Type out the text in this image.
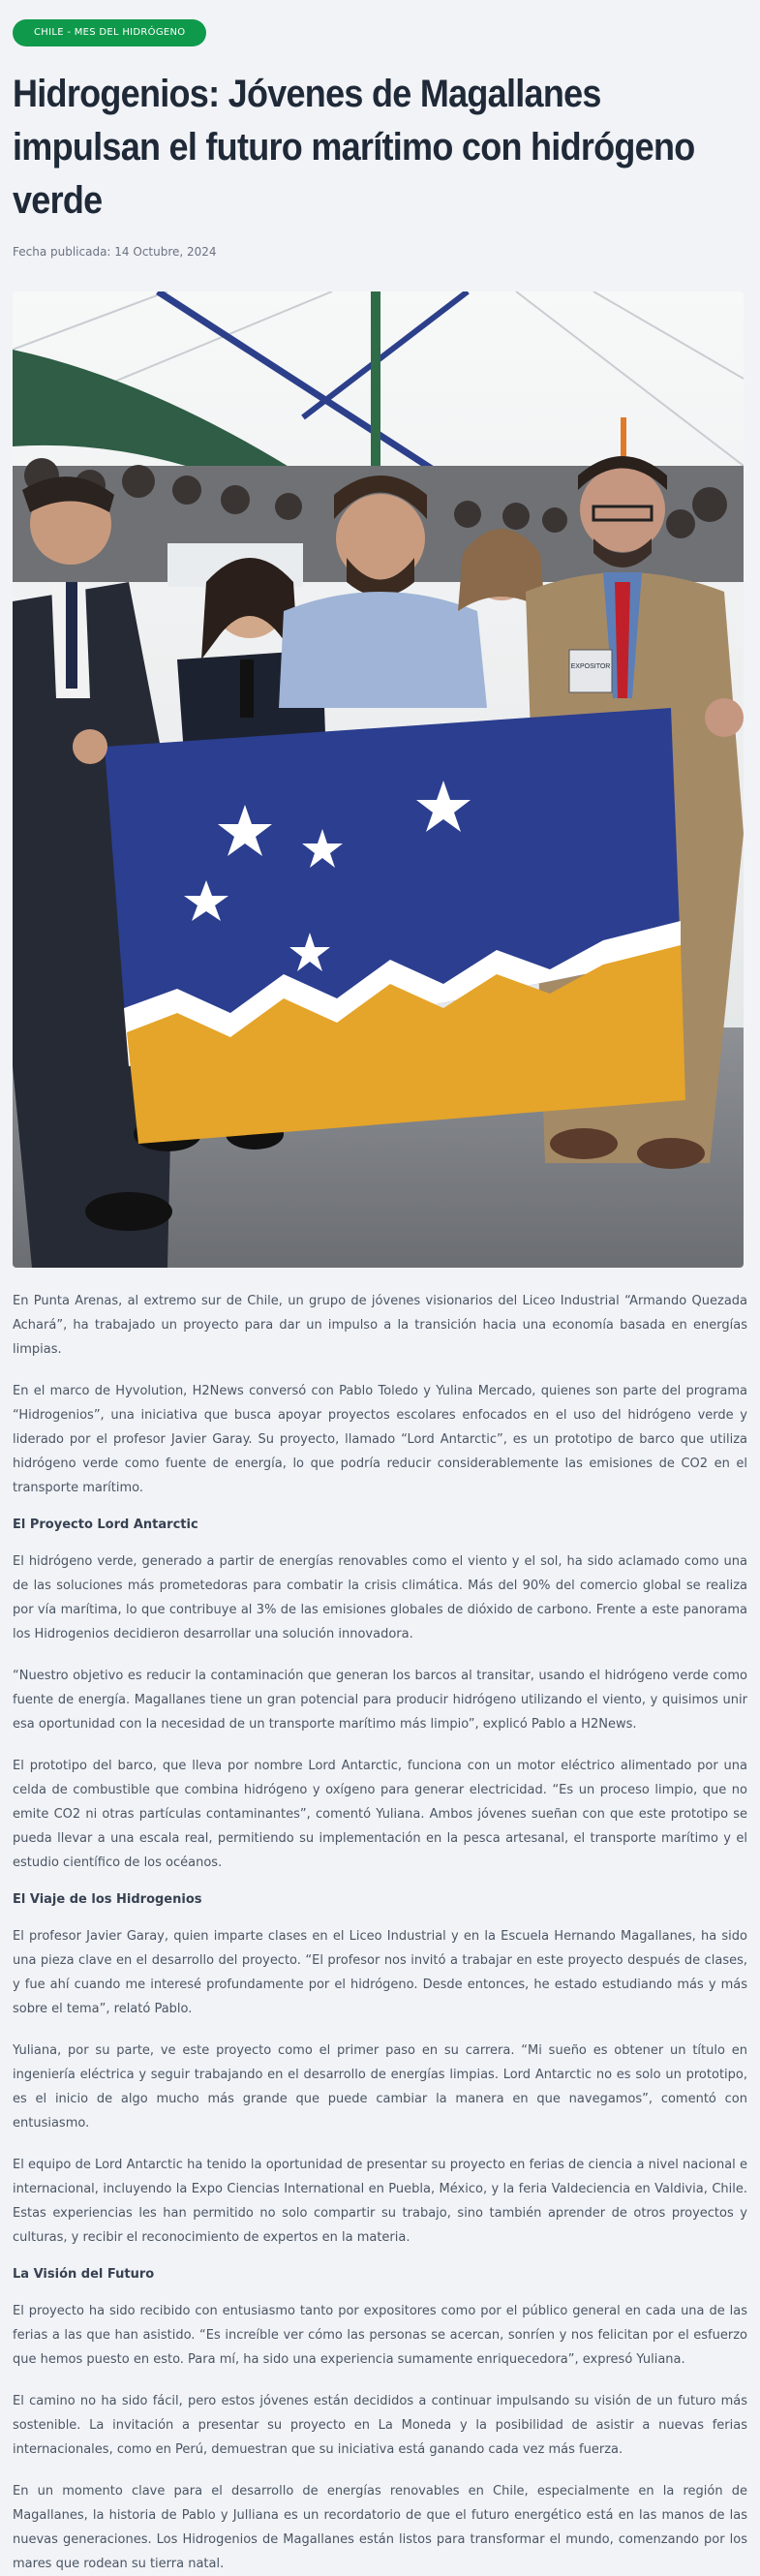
CHILE - MES DEL HIDRÓGENO
Hidrogenios: Jóvenes de Magallanes impulsan el futuro marítimo con hidrógeno verde
Fecha publicada: 14 Octubre, 2024
EXPOSITOR

En Punta Arenas, al extremo sur de Chile, un grupo de jóvenes visionarios del Liceo Industrial “Armando Quezada Achará”, ha trabajado un proyecto para dar un impulso a la transición hacia una economía basada en energías limpias.

En el marco de Hyvolution, H2News conversó con Pablo Toledo y Yulina Mercado, quienes son parte del programa “Hidrogenios”, una iniciativa que busca apoyar proyectos escolares enfocados en el uso del hidrógeno verde y liderado por el profesor Javier Garay. Su proyecto, llamado “Lord Antarctic”, es un prototipo de barco que utiliza hidrógeno verde como fuente de energía, lo que podría reducir considerablemente las emisiones de CO2 en el transporte marítimo.

El Proyecto Lord Antarctic

El hidrógeno verde, generado a partir de energías renovables como el viento y el sol, ha sido aclamado como una de las soluciones más prometedoras para combatir la crisis climática. Más del 90% del comercio global se realiza por vía marítima, lo que contribuye al 3% de las emisiones globales de dióxido de carbono. Frente a este panorama los Hidrogenios decidieron desarrollar una solución innovadora.

“Nuestro objetivo es reducir la contaminación que generan los barcos al transitar, usando el hidrógeno verde como fuente de energía. Magallanes tiene un gran potencial para producir hidrógeno utilizando el viento, y quisimos unir esa oportunidad con la necesidad de un transporte marítimo más limpio”, explicó Pablo a H2News.

El prototipo del barco, que lleva por nombre Lord Antarctic, funciona con un motor eléctrico alimentado por una celda de combustible que combina hidrógeno y oxígeno para generar electricidad. “Es un proceso limpio, que no emite CO2 ni otras partículas contaminantes”, comentó Yuliana. Ambos jóvenes sueñan con que este prototipo se pueda llevar a una escala real, permitiendo su implementación en la pesca artesanal, el transporte marítimo y el estudio científico de los océanos.

El Viaje de los Hidrogenios

El profesor Javier Garay, quien imparte clases en el Liceo Industrial y en la Escuela Hernando Magallanes, ha sido una pieza clave en el desarrollo del proyecto. “El profesor nos invitó a trabajar en este proyecto después de clases, y fue ahí cuando me interesé profundamente por el hidrógeno. Desde entonces, he estado estudiando más y más sobre el tema”, relató Pablo.

Yuliana, por su parte, ve este proyecto como el primer paso en su carrera. “Mi sueño es obtener un título en ingeniería eléctrica y seguir trabajando en el desarrollo de energías limpias. Lord Antarctic no es solo un prototipo, es el inicio de algo mucho más grande que puede cambiar la manera en que navegamos”, comentó con entusiasmo.

El equipo de Lord Antarctic ha tenido la oportunidad de presentar su proyecto en ferias de ciencia a nivel nacional e internacional, incluyendo la Expo Ciencias International en Puebla, México, y la feria Valdeciencia en Valdivia, Chile. Estas experiencias les han permitido no solo compartir su trabajo, sino también aprender de otros proyectos y culturas, y recibir el reconocimiento de expertos en la materia.

La Visión del Futuro

El proyecto ha sido recibido con entusiasmo tanto por expositores como por el público general en cada una de las ferias a las que han asistido. “Es increíble ver cómo las personas se acercan, sonríen y nos felicitan por el esfuerzo que hemos puesto en esto. Para mí, ha sido una experiencia sumamente enriquecedora”, expresó Yuliana.

El camino no ha sido fácil, pero estos jóvenes están decididos a continuar impulsando su visión de un futuro más sostenible. La invitación a presentar su proyecto en La Moneda y la posibilidad de asistir a nuevas ferias internacionales, como en Perú, demuestran que su iniciativa está ganando cada vez más fuerza.

En un momento clave para el desarrollo de energías renovables en Chile, especialmente en la región de Magallanes, la historia de Pablo y Julliana es un recordatorio de que el futuro energético está en las manos de las nuevas generaciones. Los Hidrogenios de Magallanes están listos para transformar el mundo, comenzando por los mares que rodean su tierra natal.
